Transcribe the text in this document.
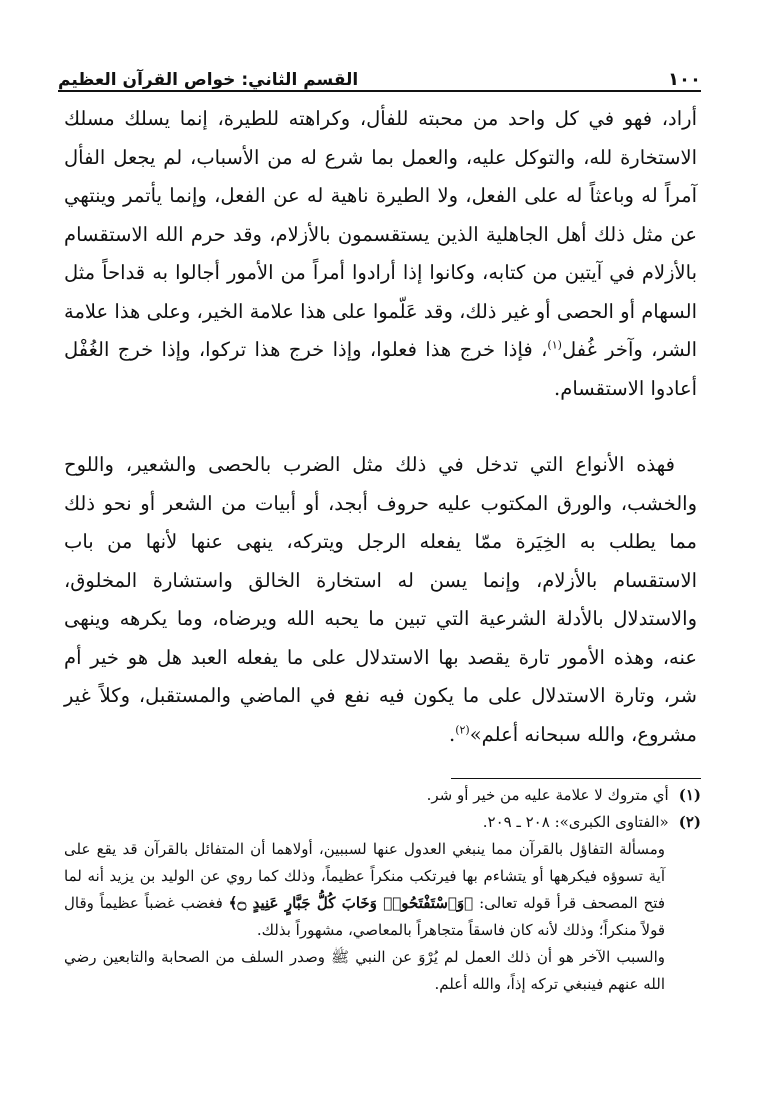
١٠٠
القسم الثاني: خواص القرآن العظيم

أراد، فهو في كل واحد من محبته للفأل، وكراهته للطيرة، إنما يسلك مسلك الاستخارة لله، والتوكل عليه، والعمل بما شرع له من الأسباب، لم يجعل الفأل آمراً له وباعثاً له على الفعل، ولا الطيرة ناهية له عن الفعل، وإنما يأتمر وينتهي عن مثل ذلك أهل الجاهلية الذين يستقسمون بالأزلام، وقد حرم الله الاستقسام بالأزلام في آيتين من كتابه، وكانوا إذا أرادوا أمراً من الأمور أجالوا به قداحاً مثل السهام أو الحصى أو غير ذلك، وقد عَلّموا على هذا علامة الخير، وعلى هذا علامة الشر، وآخر غُفل$^{(١)}$، فإذا خرج هذا فعلوا، وإذا خرج هذا تركوا، وإذا خرج الغُفْل أعادوا الاستقسام.

فهذه الأنواع التي تدخل في ذلك مثل الضرب بالحصى والشعير، واللوح والخشب، والورق المكتوب عليه حروف أبجد، أو أبيات من الشعر أو نحو ذلك مما يطلب به الخِيَرة ممّا يفعله الرجل ويتركه، ينهى عنها لأنها من باب الاستقسام بالأزلام، وإنما يسن له استخارة الخالق واستشارة المخلوق، والاستدلال بالأدلة الشرعية التي تبين ما يحبه الله ويرضاه، وما يكرهه وينهى عنه، وهذه الأمور تارة يقصد بها الاستدلال على ما يفعله العبد هل هو خير أم شر، وتارة الاستدلال على ما يكون فيه نفع في الماضي والمستقبل، وكلاً غير مشروع، والله سبحانه أعلم»$^{(٢)}$.

(١)
أي متروك لا علامة عليه من خير أو شر.
(٢)
«الفتاوى الكبرى»: ٢٠٨ ـ ٢٠٩.

ومسألة التفاؤل بالقرآن مما ينبغي العدول عنها لسببين، أولاهما أن المتفائل بالقرآن قد يقع على آية تسوؤه فيكرهها أو يتشاءم بها فيرتكب منكراً عظيماً، وذلك كما روي عن الوليد بن يزيد أنه لما فتح المصحف قرأ قوله تعالى: ﴿وَٱسْتَفْتَحُوا۟ وَخَابَ كُلُّ جَبَّارٍ عَنِيدٍ ۝﴾ فغضب غضباً عظيماً وقال قولاً منكراً؛ وذلك لأنه كان فاسقاً متجاهراً بالمعاصي، مشهوراً بذلك.

والسبب الآخر هو أن ذلك العمل لم يُرْوَ عن النبي ﷺ وصدر السلف من الصحابة والتابعين رضي الله عنهم فينبغي تركه إذاً، والله أعلم.
